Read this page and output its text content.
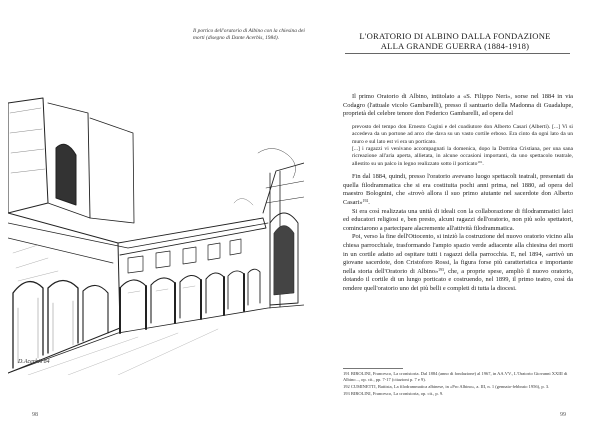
Il portico dell'oratorio di Albino con la chiesina dei morti (disegno di Dante Acerbis, 1984).
D.Acerbis 84
98
L'ORATORIO DI ALBINO DALLA FONDAZIONE
ALLA GRANDE GUERRA (1884-1918)

Il primo Oratorio di Albino, intitolato a «S. Filippo Neri», sorse nel 1884 in via Codagro (l'attuale vicolo Gambarelli), presso il santuario della Madonna di Guadalupe, proprietà del celebre tenore don Federico Gambarelli, ad opera del

prevosto del tempo don Ernesto Cugini e del coadiutore don Alberto Casari (Alberti). [...] Vi si accedeva da un portone ad arco che dava su un vasto cortile erboso. Era cinto da ogni lato da un muro e sul lato est vi era un porticato.

[...] i ragazzi vi venivano accompagnati la domenica, dopo la Dottrina Cristiana, per una sana ricreazione all'aria aperta, allietata, in alcune occasioni importanti, da uno spettacolo teatrale, allestito su un palco in legno realizzato sotto il porticato$^{191}$.

Fin dal 1884, quindi, presso l'oratorio avevano luogo spettacoli teatrali, presentati da quella filodrammatica che si era costituita pochi anni prima, nel 1880, ad opera del maestro Bolognini, che «trovò allora il suo primo aiutante nel sacerdote don Alberto Casari»$^{192}$.

Si era così realizzata una unità di ideali con la collaborazione di filodrammatici laici ed educatori religiosi e, ben presto, alcuni ragazzi dell'oratorio, non più solo spettatori, cominciarono a partecipare alacremente all'attività filodrammatica.

Poi, verso la fine dell'Ottocento, si iniziò la costruzione del nuovo oratorio vicino alla chiesa parrocchiale, trasformando l'ampio spazio verde adiacente alla chiesina dei morti in un cortile adatto ad ospitare tutti i ragazzi della parrocchia. E, nel 1894, «arrivò un giovane sacerdote, don Cristoforo Rossi, la figura forse più caratteristica e importante nella storia dell'Oratorio di Albino»$^{193}$, che, a proprie spese, ampliò il nuovo oratorio, dotando il cortile di un lungo porticato e costruendo, nel 1899, il primo teatro, così da rendere quell'oratorio uno dei più belli e completi di tutta la diocesi.

191 BIROLINI, Francesco, La cronistoria. Dal 1884 (anno di fondazione) al 1967, in AA.VV., L'Oratorio Giovanni XXIII di Albino..., op. cit., pp. 7-17 (citazioni p. 7 e 9).

192 CUMINETTI, Battista, La filodrammatica albinese, in «Pro Albino», a. III, n. 1 (gennaio-febbraio 1956), p. 3.

193 BIROLINI, Francesco, La cronistoria, op. cit., p. 9.

99
